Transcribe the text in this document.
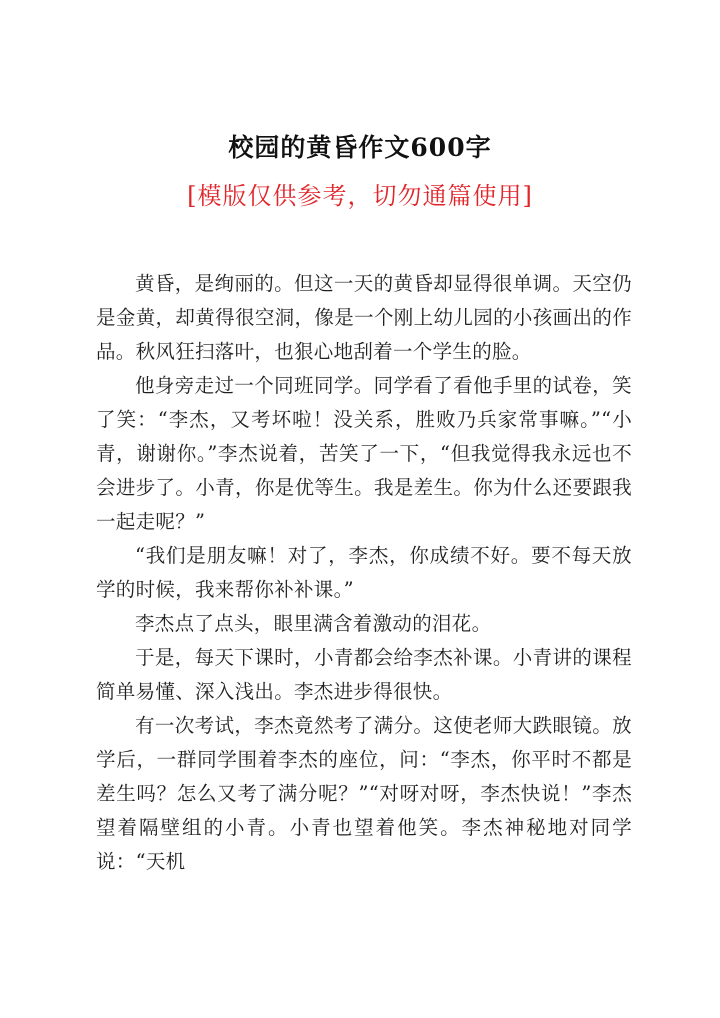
校园的黄昏作文600字
[模版仅供参考，切勿通篇使用]

黄昏，是绚丽的。但这一天的黄昏却显得很单调。天空仍是金黄，却黄得很空洞，像是一个刚上幼儿园的小孩画出的作品。秋风狂扫落叶，也狠心地刮着一个学生的脸。

他身旁走过一个同班同学。同学看了看他手里的试卷，笑了笑：“李杰，又考坏啦！没关系，胜败乃兵家常事嘛。”“小青，谢谢你。”李杰说着，苦笑了一下，“但我觉得我永远也不会进步了。小青，你是优等生。我是差生。你为什么还要跟我一起走呢？”

“我们是朋友嘛！对了，李杰，你成绩不好。要不每天放学的时候，我来帮你补补课。”

李杰点了点头，眼里满含着激动的泪花。

于是，每天下课时，小青都会给李杰补课。小青讲的课程简单易懂、深入浅出。李杰进步得很快。

有一次考试，李杰竟然考了满分。这使老师大跌眼镜。放学后，一群同学围着李杰的座位，问：“李杰，你平时不都是差生吗？怎么又考了满分呢？”“对呀对呀，李杰快说！”李杰望着隔壁组的小青。小青也望着他笑。李杰神秘地对同学说：“天机
